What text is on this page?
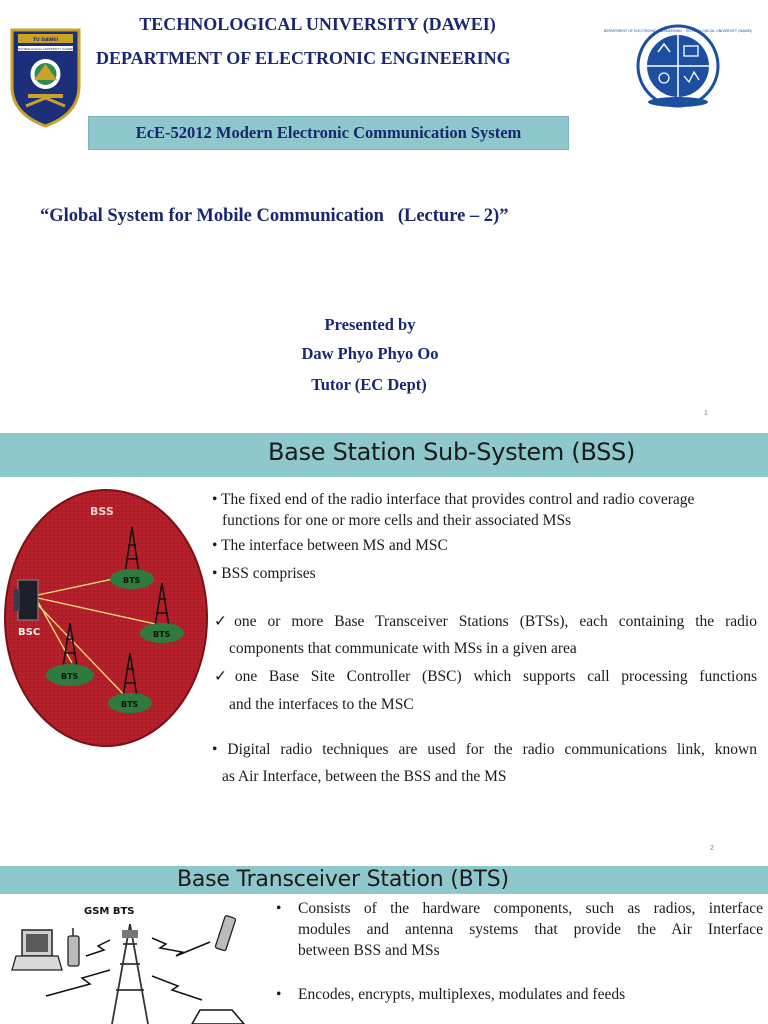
TU DAWEI
TECHNOLOGICAL UNIVERSITY (DAWEI)
TECHNOLOGICAL UNIVERSITY (DAWEI)
DEPARTMENT OF ELECTRONIC ENGINEERING
DEPARTMENT OF ELECTRONIC ENGINEERING · TECHNOLOGICAL UNIVERSITY (DAWEI)
EcE-52012 Modern Electronic Communication System
“Global System for Mobile Communication   (Lecture – 2)”
Presented by
Daw Phyo Phyo Oo
Tutor (EC Dept)
1
Base Station Sub-System (BSS)
BSS
BSC
BTS
BTS
BTS
BTS
• The fixed end of the radio interface that provides control and radio coverage
functions for one or more cells and their associated MSs
• The interface between MS and MSC
• BSS comprises
✓one or more Base Transceiver Stations (BTSs), each containing the radio
components that communicate with MSs in a given area
✓one Base Site Controller (BSC) which supports call processing functions
and the interfaces to the MSC
• Digital radio techniques are used for the radio communications link, known
as Air Interface, between the BSS and the MS
2
Base Transceiver Station (BTS)
GSM BTS	• Consists of the hardware components, such as radios, interface
modules and antenna systems that provide the Air Interface
between BSS and MSs
• Encodes, encrypts, multiplexes, modulates and feeds
